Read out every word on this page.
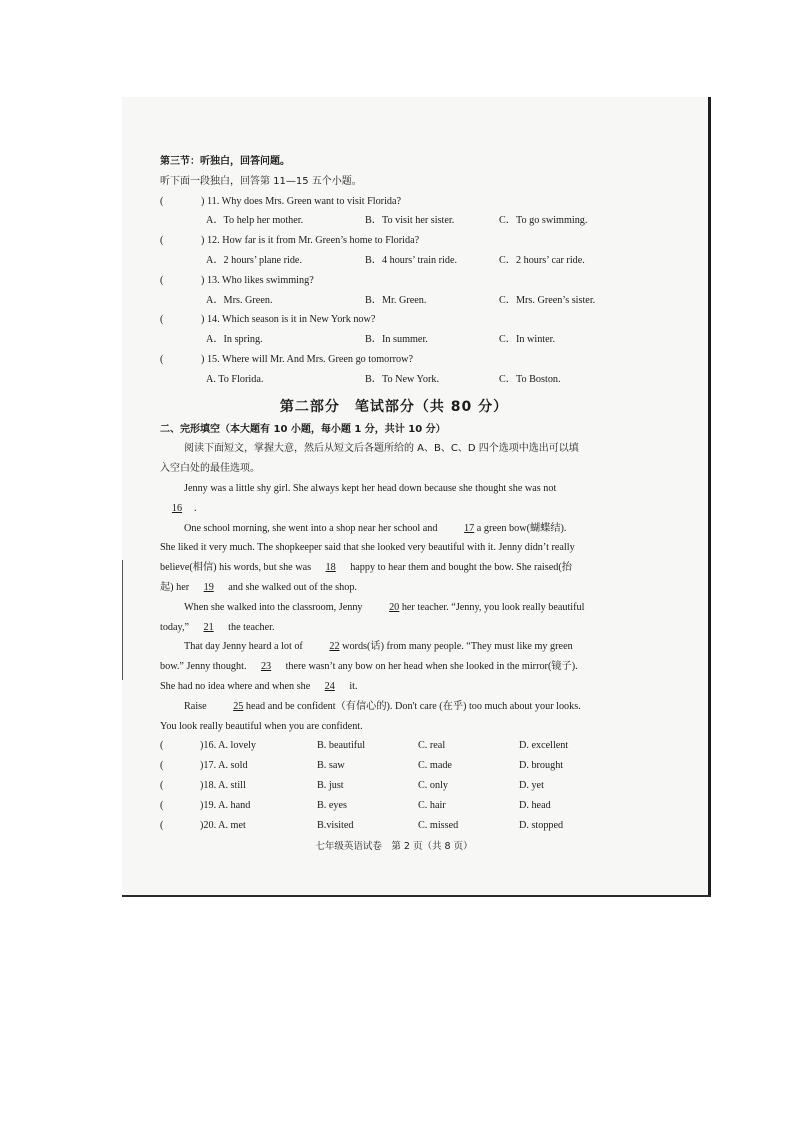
第三节：听独白，回答问题。
听下面一段独白，回答第 11—15 五个小题。
(	) 11. Why does Mrs. Green want to visit Florida?
A．To help her mother.	B．To visit her sister.	C．To go swimming.
(	) 12. How far is it from Mr. Green’s home to Florida?
A．2 hours’ plane ride.	B．4 hours’ train ride.	C．2 hours’ car ride.
(	) 13. Who likes swimming?
A．Mrs. Green.	B．Mr. Green.	C．Mrs. Green’s sister.
(	) 14. Which season is it in New York now?
A．In spring.	B．In summer.	C．In winter.
(	) 15. Where will Mr. And Mrs. Green go tomorrow?
A. To Florida.	B．To New York.	C．To Boston.
第二部分　笔试部分（共 80 分）
二、完形填空（本大题有 10 小题，每小题 1 分，共计 10 分）
阅读下面短文，掌握大意，然后从短文后各题所给的 A、B、C、D 四个选项中选出可以填
入空白处的最佳选项。
Jenny was a little shy girl. She always kept her head down because she thought she was not
16 .
One school morning, she went into a shop near her school and	17 a green bow(蝴蝶结).
She liked it very much. The shopkeeper said that she looked very beautiful with it. Jenny didn’t really
believe(相信) his words, but she was 18 happy to hear them and bought the bow. She raised(抬
起) her 19 and she walked out of the shop.
When she walked into the classroom, Jenny	20 her teacher. “Jenny, you look really beautiful
today,” 21 the teacher.
That day Jenny heard a lot of	22 words(话) from many people. “They must like my green
bow.” Jenny thought. 23 there wasn’t any bow on her head when she looked in the mirror(镜子).
She had no idea where and when she 24 it.
Raise	25 head and be confident（有信心的). Don't care (在乎) too much about your looks.
You look really beautiful when you are confident.
(	)16. A. lovely	B. beautiful	C. real	D. excellent
(	)17. A. sold	B. saw	C. made	D. brought
(	)18. A. still	B. just	C. only	D. yet
(	)19. A. hand	B. eyes	C. hair	D. head
(	)20. A. met	B.visited	C. missed	D. stopped
七年级英语试卷　第 2 页（共 8 页）
